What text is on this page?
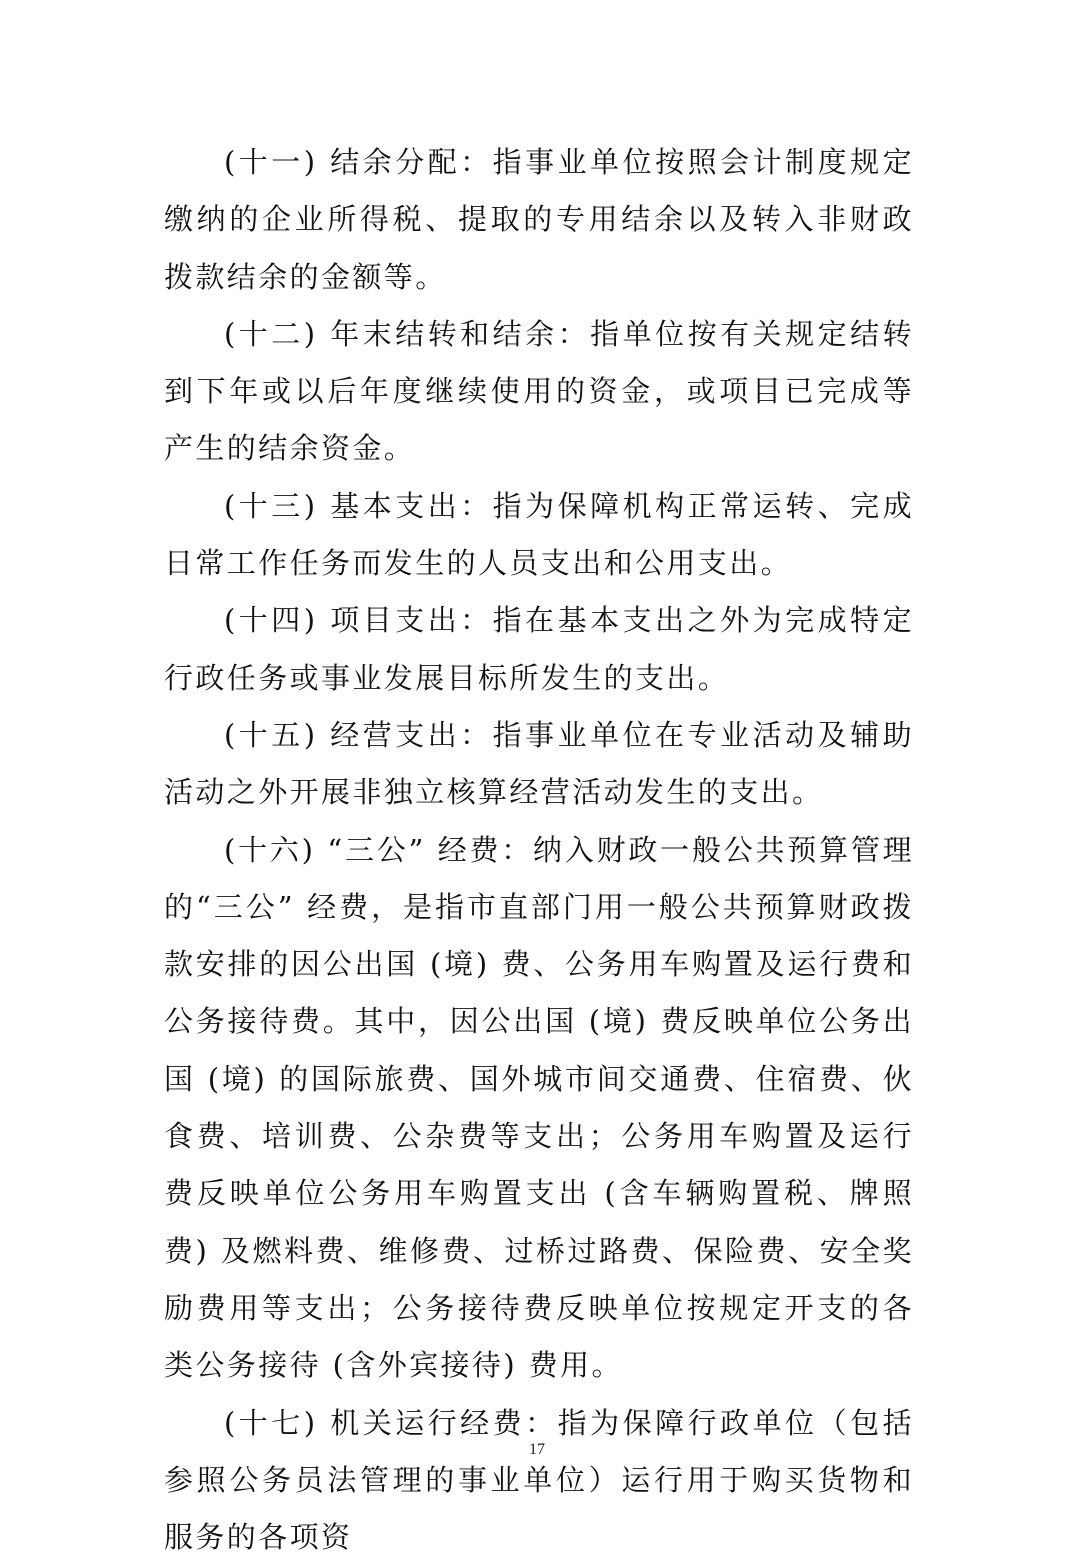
(十一) 结余分配：指事业单位按照会计制度规定缴纳的企业所得税、提取的专用结余以及转入非财政拨款结余的金额等。

(十二) 年末结转和结余：指单位按有关规定结转到下年或以后年度继续使用的资金，或项目已完成等产生的结余资金。

(十三) 基本支出：指为保障机构正常运转、完成日常工作任务而发生的人员支出和公用支出。

(十四) 项目支出：指在基本支出之外为完成特定行政任务或事业发展目标所发生的支出。

(十五) 经营支出：指事业单位在专业活动及辅助活动之外开展非独立核算经营活动发生的支出。

(十六) “三公” 经费：纳入财政一般公共预算管理的“三公” 经费，是指市直部门用一般公共预算财政拨款安排的因公出国 (境) 费、公务用车购置及运行费和公务接待费。其中，因公出国 (境) 费反映单位公务出国 (境) 的国际旅费、国外城市间交通费、住宿费、伙食费、培训费、公杂费等支出；公务用车购置及运行费反映单位公务用车购置支出 (含车辆购置税、牌照费) 及燃料费、维修费、过桥过路费、保险费、安全奖励费用等支出；公务接待费反映单位按规定开支的各类公务接待 (含外宾接待) 费用。

(十七) 机关运行经费：指为保障行政单位（包括参照公务员法管理的事业单位）运行用于购买货物和服务的各项资

17
